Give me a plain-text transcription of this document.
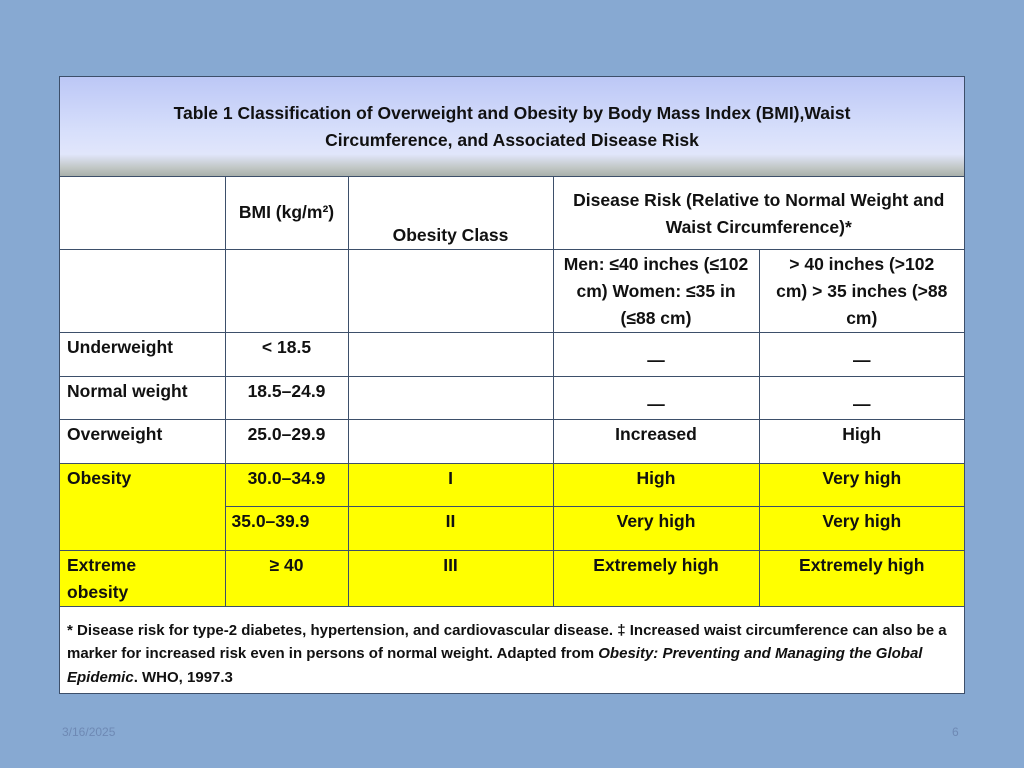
Table 1 Classification of Overweight and Obesity by Body Mass Index (BMI),Waist Circumference, and Associated Disease Risk
	BMI (kg/m²)	Obesity Class	Disease Risk (Relative to Normal Weight and Waist Circumference)*	

			Men: ≤40 inches (≤102 cm) Women: ≤35 in (≤88 cm)	> 40 inches (>102 cm) > 35 inches (>88 cm)

Underweight	< 18.5		—	—
Normal weight	18.5–24.9		—	—
Overweight	25.0–29.9		Increased	High
Obesity	30.0–34.9	I	High	Very high
	35.0–39.9	II	Very high	Very high

Extreme obesity	≥ 40	III	Extremely high	Extremely high

* Disease risk for type-2 diabetes, hypertension, and cardiovascular disease. ‡ Increased waist circumference can also be a marker for increased risk even in persons of normal weight. Adapted from Obesity: Preventing and Managing the Global Epidemic. WHO, 1997.3				
3/16/2025	6
